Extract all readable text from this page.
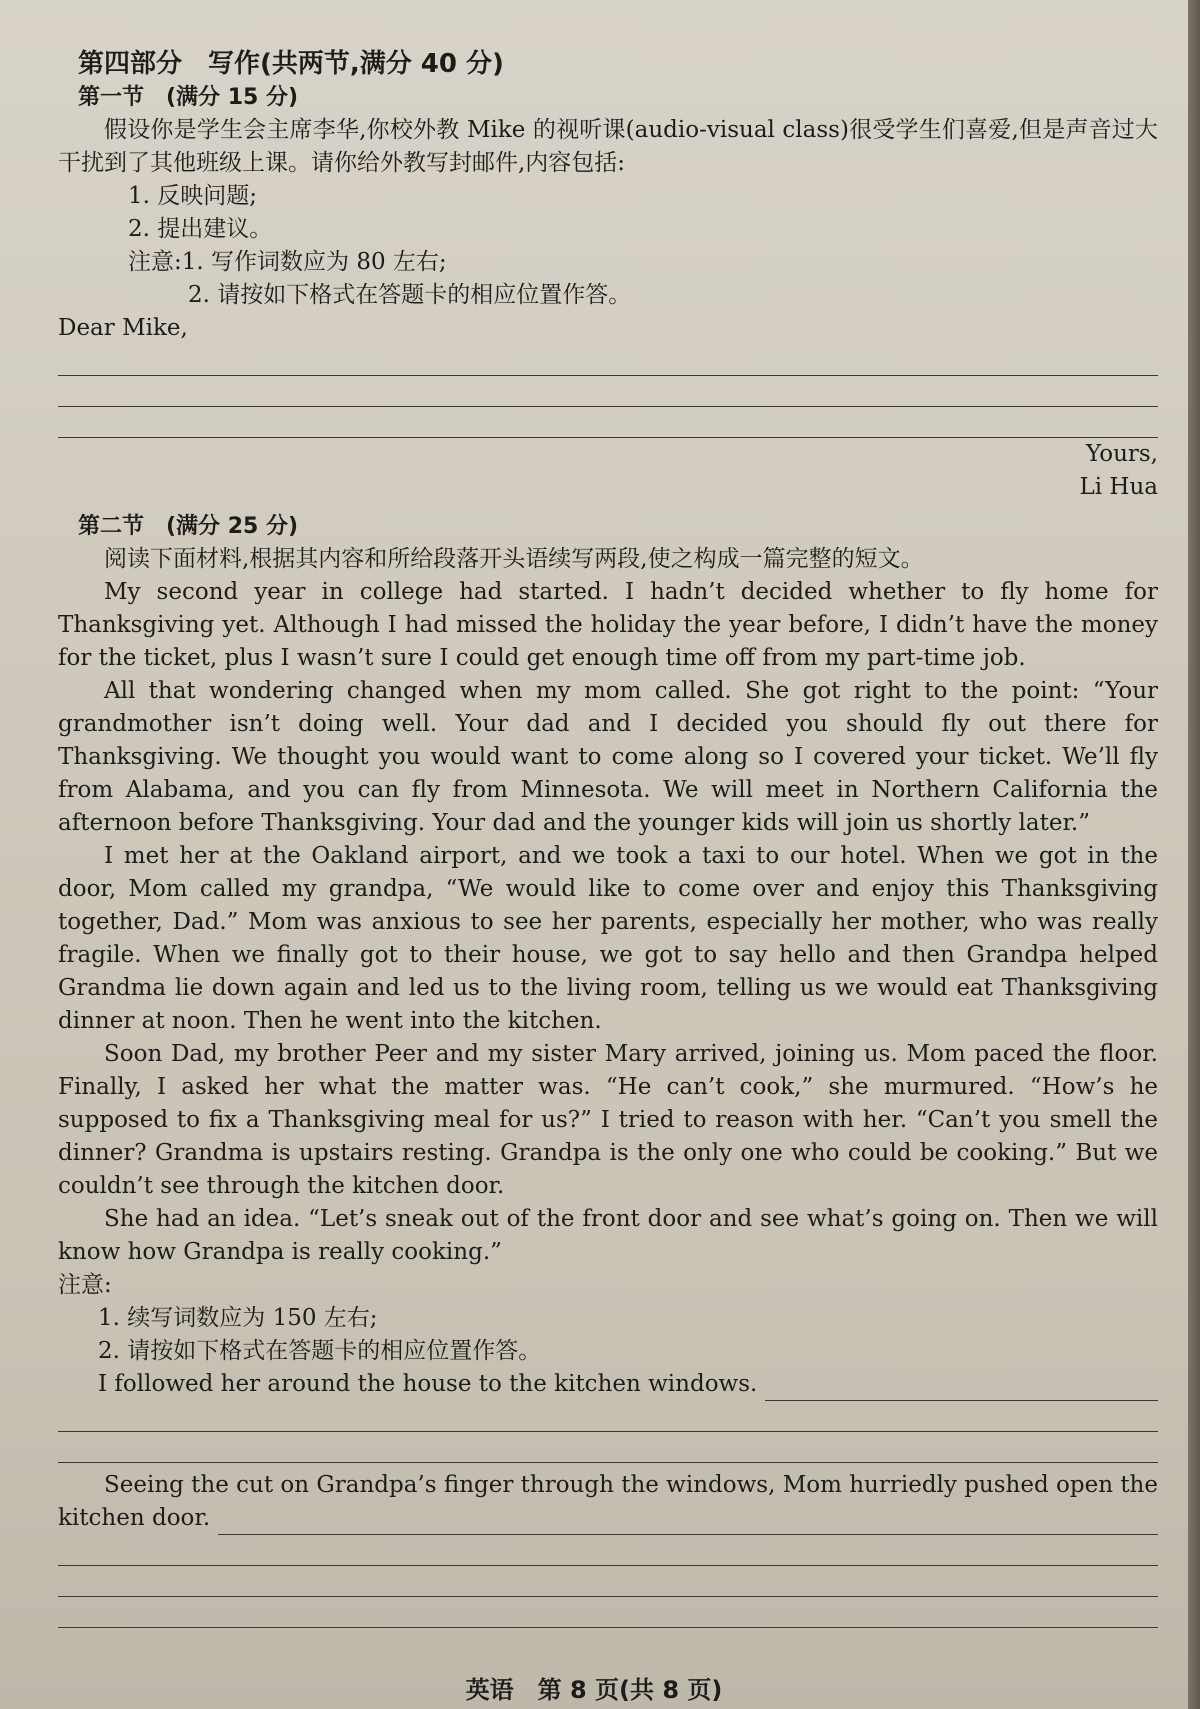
第四部分　写作(共两节,满分 40 分)

第一节　(满分 15 分)

假设你是学生会主席李华,你校外教 Mike 的视听课(audio-visual class)很受学生们喜爱,但是声音过大干扰到了其他班级上课。请你给外教写封邮件,内容包括:

1. 反映问题;

2. 提出建议。

注意:1. 写作词数应为 80 左右;

2. 请按如下格式在答题卡的相应位置作答。

Dear Mike,

Yours,

Li Hua

第二节　(满分 25 分)

阅读下面材料,根据其内容和所给段落开头语续写两段,使之构成一篇完整的短文。

My second year in college had started. I hadn’t decided whether to fly home for Thanksgiving yet. Although I had missed the holiday the year before, I didn’t have the money for the ticket, plus I wasn’t sure I could get enough time off from my part-time job.

All that wondering changed when my mom called. She got right to the point: “Your grandmother isn’t doing well. Your dad and I decided you should fly out there for Thanksgiving. We thought you would want to come along so I covered your ticket. We’ll fly from Alabama, and you can fly from Minnesota. We will meet in Northern California the afternoon before Thanksgiving. Your dad and the younger kids will join us shortly later.”

I met her at the Oakland airport, and we took a taxi to our hotel. When we got in the door, Mom called my grandpa, “We would like to come over and enjoy this Thanksgiving together, Dad.” Mom was anxious to see her parents, especially her mother, who was really fragile. When we finally got to their house, we got to say hello and then Grandpa helped Grandma lie down again and led us to the living room, telling us we would eat Thanksgiving dinner at noon. Then he went into the kitchen.

Soon Dad, my brother Peer and my sister Mary arrived, joining us. Mom paced the floor. Finally, I asked her what the matter was. “He can’t cook,” she murmured. “How’s he supposed to fix a Thanksgiving meal for us?” I tried to reason with her. “Can’t you smell the dinner? Grandma is upstairs resting. Grandpa is the only one who could be cooking.” But we couldn’t see through the kitchen door.

She had an idea. “Let’s sneak out of the front door and see what’s going on. Then we will know how Grandpa is really cooking.”

注意:

1. 续写词数应为 150 左右;

2. 请按如下格式在答题卡的相应位置作答。

I followed her around the house to the kitchen windows.

Seeing the cut on Grandpa’s finger through the windows, Mom hurriedly pushed open the

kitchen door.
英语　第 8 页(共 8 页)
